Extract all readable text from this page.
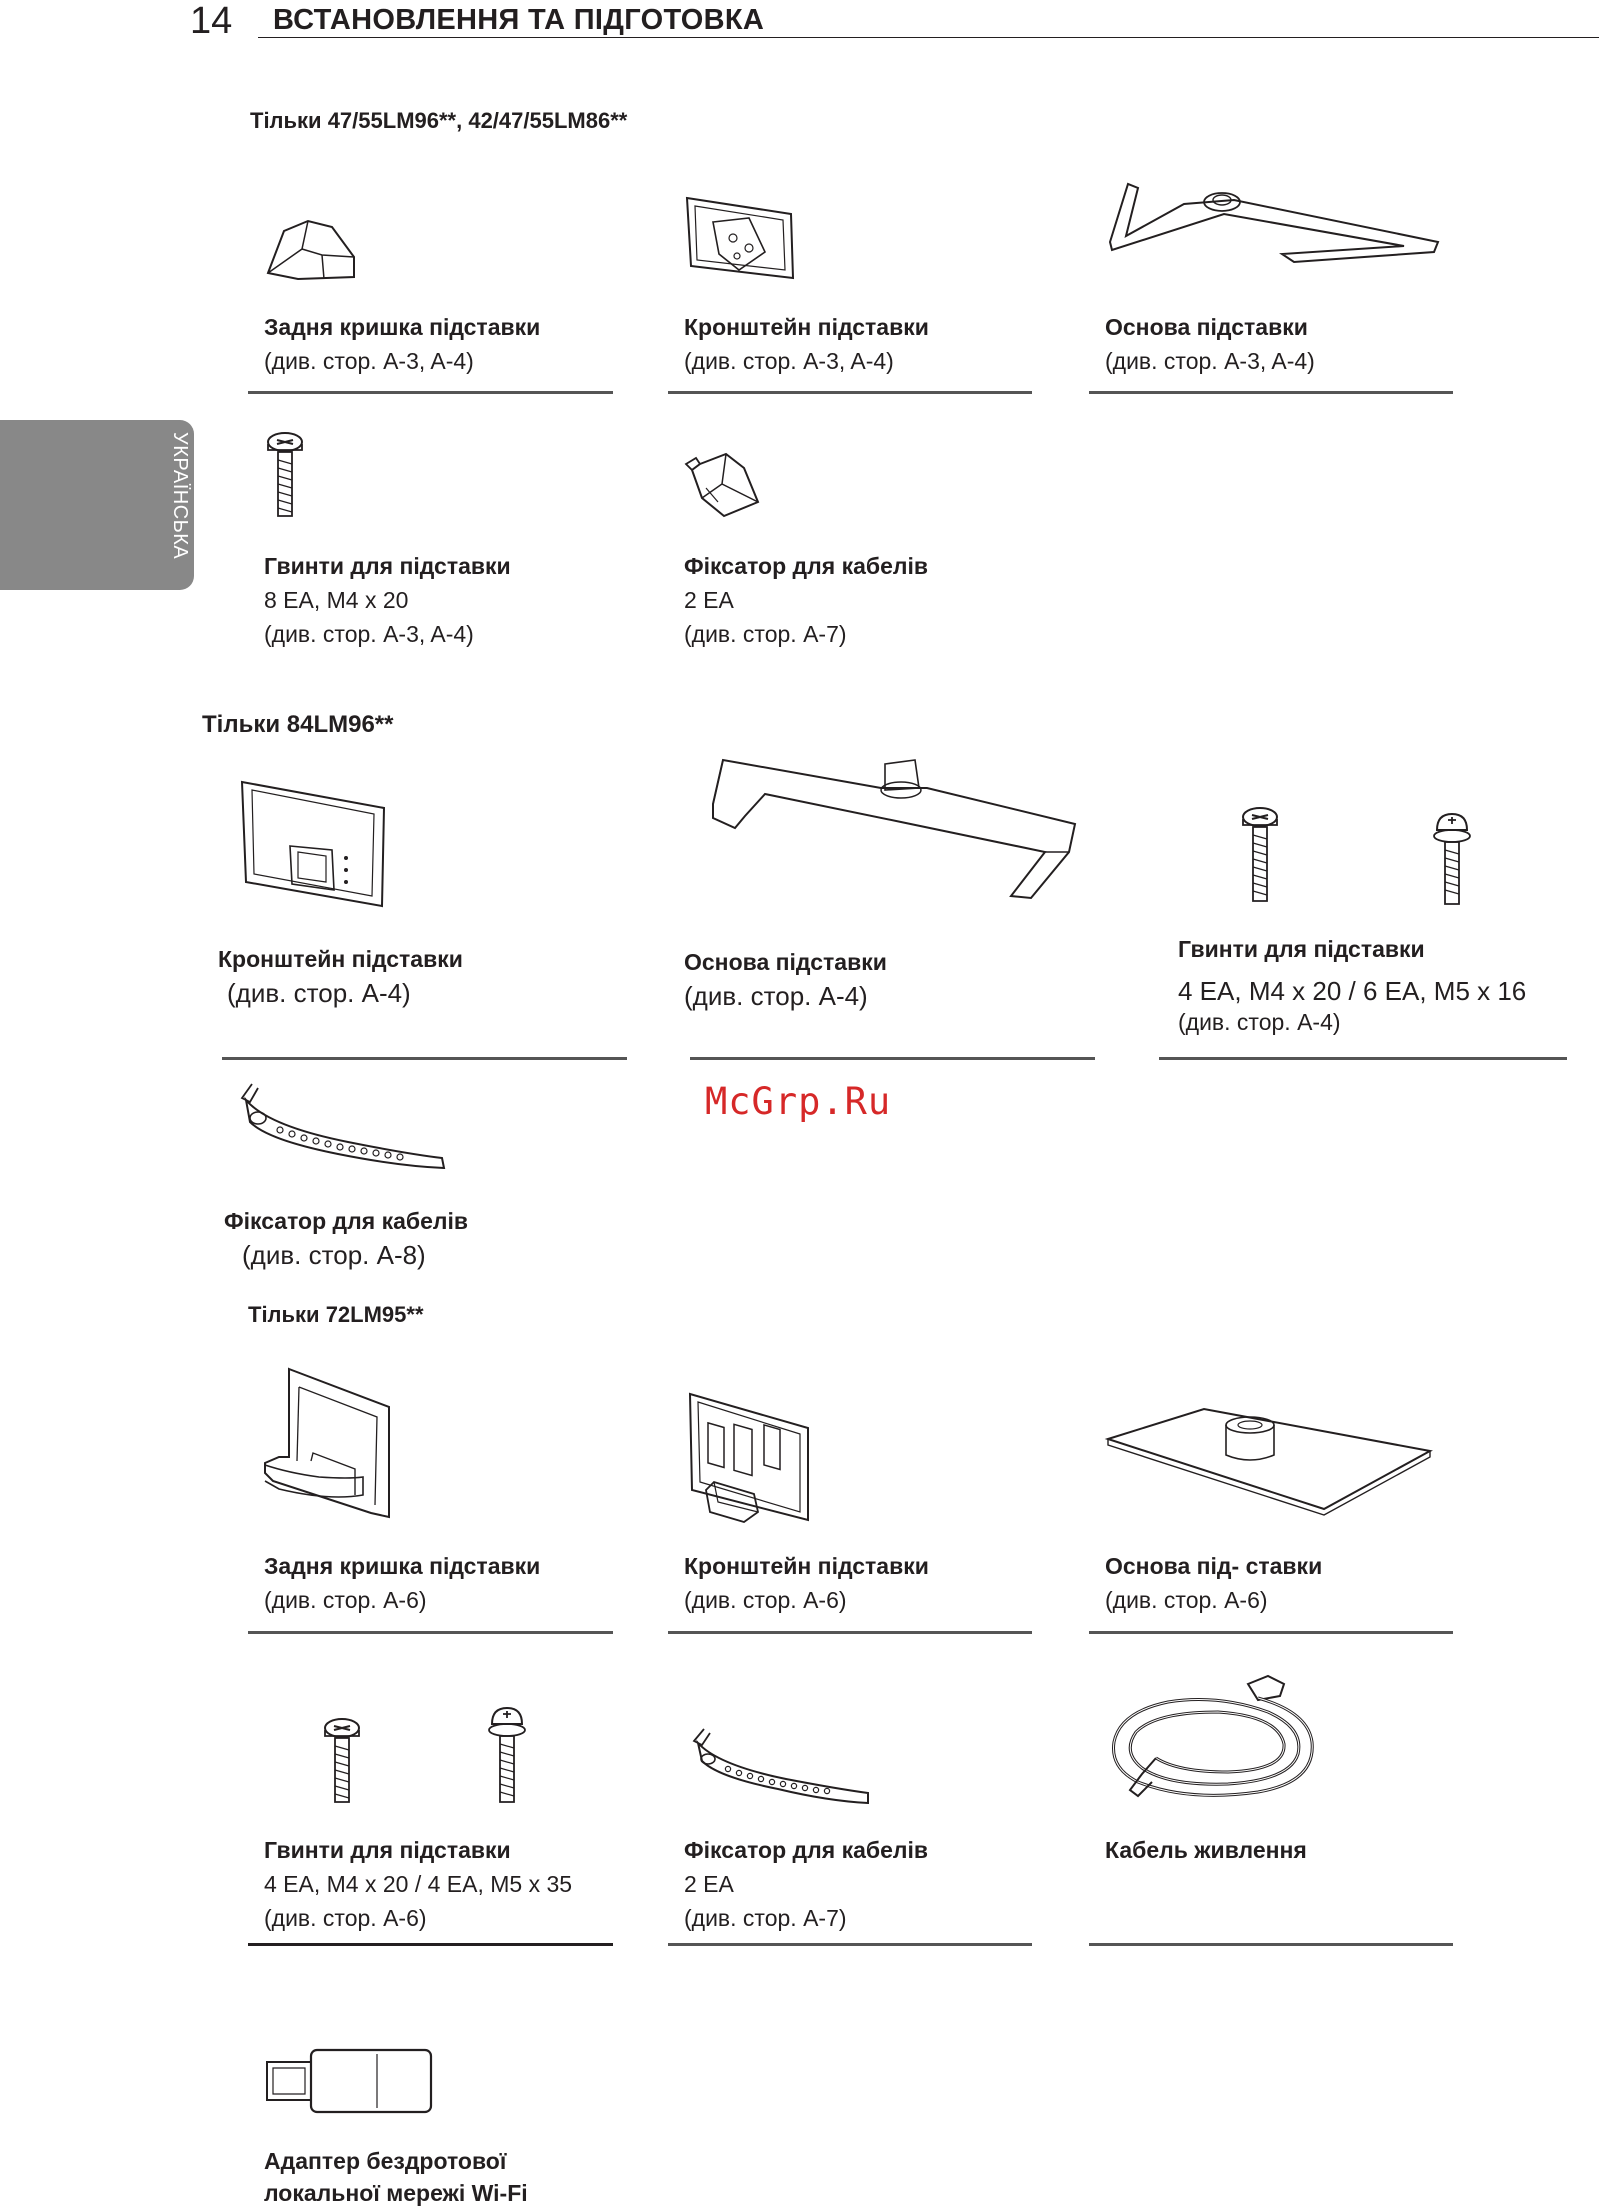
14 ВСТАНОВЛЕННЯ ТА ПІДГОТОВКА
УКРАЇНСЬКА
Тільки 47/55LM96**, 42/47/55LM86**
Задня кришка підставки
(див. стор. A-3, A-4)
Кронштейн підставки
(див. стор. A-3, A-4)
Основа підставки
(див. стор. A-3, A-4)
Гвинти для підставки
8 EA, M4 x 20
(див. стор. A-3, A-4)
Фіксатор для кабелів
2 EA
(див. стор. A-7)
Тільки 84LM96**
Кронштейн підставки
(див. стор. A-4)
Основа підставки
(див. стор. A-4)
Гвинти для підставки
4 EA, M4 x 20 / 6 EA, M5 x 16
(див. стор. A-4)
Фіксатор для кабелів
(див. стор. A-8)
McGrp.Ru
Тільки 72LM95**
Задня кришка підставки
(див. стор. A-6)
Кронштейн підставки
(див. стор. A-6)
Основа під- ставки
(див. стор. A-6)
Гвинти для підставки
4 EA, M4 x 20 / 4 EA, M5 x 35
(див. стор. A-6)
Фіксатор для кабелів
2 EA
(див. стор. A-7)
Кабель живлення
Адаптер бездротової
локальної мережі Wi-Fi
